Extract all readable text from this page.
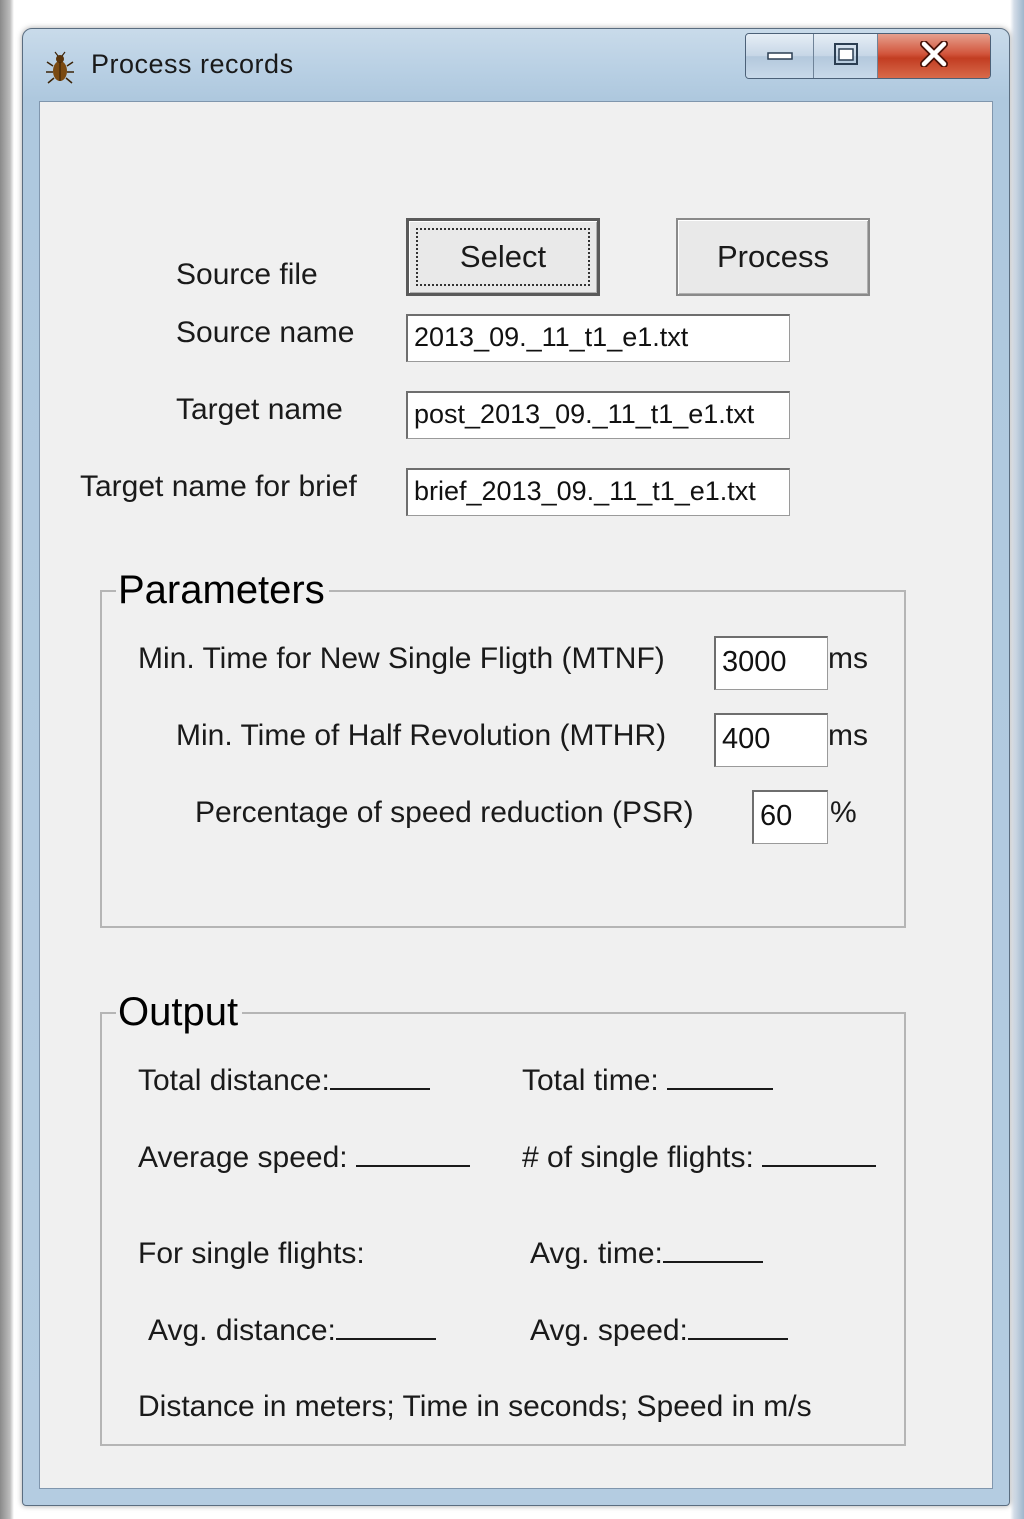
Process records
Source file
Select	Process
Source name 2013_09._11_t1_e1.txt
Target name	post_2013_09._11_t1_e1.txt
Target name for brief brief_2013_09._11_t1_e1.txt
Parameters
Min. Time for New Single Fligth (MTNF) 3000	ms
Min. Time of Half Revolution (MTHR) 400	ms
Percentage of speed reduction (PSR) 60	%
Output
Total distance:	Total time:
Average speed:	# of single flights:
For single flights:	Avg. time:
Avg. distance:	Avg. speed:
Distance in meters; Time in seconds; Speed in m/s
